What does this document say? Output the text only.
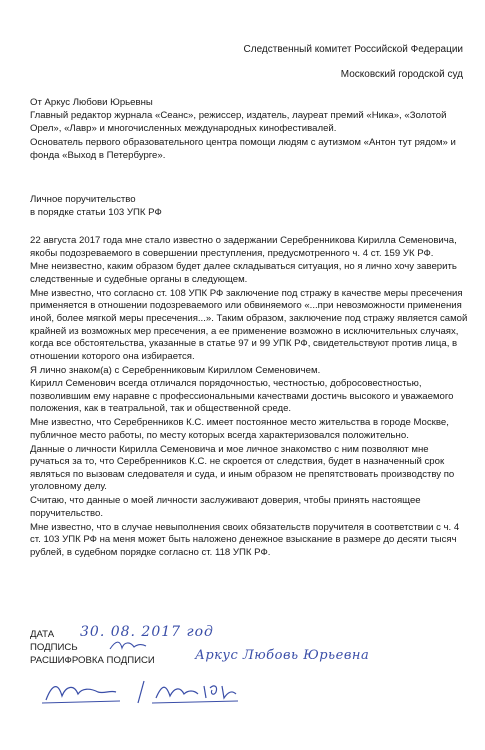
Следственный комитет Российской Федерации
Московский городской суд
От Аркус Любови Юрьевны
Главный редактор журнала «Сеанс», режиссер, издатель, лауреат премий «Ника», «Золотой Орел», «Лавр» и многочисленных международных кинофестивалей.
Основатель первого образовательного центра помощи людям с аутизмом «Антон тут рядом» и фонда «Выход в Петербурге».
Личное поручительство
в порядке статьи 103 УПК РФ

22 августа 2017 года мне стало известно о задержании Серебренникова Кирилла Семеновича, якобы подозреваемого в совершении преступления, предусмотренного ч. 4 ст. 159 УК РФ.

Мне неизвестно, каким образом будет далее складываться ситуация, но я лично хочу заверить следственные и судебные органы в следующем.

Мне известно, что согласно ст. 108 УПК РФ заключение под стражу в качестве меры пресечения применяется в отношении подозреваемого или обвиняемого «...при невозможности применения иной, более мягкой меры пресечения...». Таким образом, заключение под стражу является самой крайней из возможных мер пресечения, а ее применение возможно в исключительных случаях, когда все обстоятельства, указанные в статье 97 и 99 УПК РФ, свидетельствуют против лица, в отношении которого она избирается.

Я лично знаком(а) с Серебренниковым Кириллом Семеновичем.

Кирилл Семенович всегда отличался порядочностью, честностью, добросовестностью, позволившим ему наравне с профессиональными качествами достичь высокого и уважаемого положения, как в театральной, так и общественной среде.

Мне известно, что Серебренников К.С. имеет постоянное место жительства в городе Москве, публичное место работы, по месту которых всегда характеризовался положительно.

Данные о личности Кирилла Семеновича и мое личное знакомство с ним позволяют мне ручаться за то, что Серебренников К.С. не скроется от следствия, будет в назначенный срок являться по вызовам следователя и суда, и иным образом не препятствовать производству по уголовному делу.

Считаю, что данные о моей личности заслуживают доверия, чтобы принять настоящее поручительство.

Мне известно, что в случае невыполнения своих обязательств поручителя в соответствии с ч. 4 ст. 103 УПК РФ на меня может быть наложено денежное взыскание в размере до десяти тысяч рублей, в судебном порядке согласно ст. 118 УПК РФ.

ДАТА
ПОДПИСЬ
РАСШИФРОВКА ПОДПИСИ
30. 08. 2017 год
Аркус Любовь Юрьевна
